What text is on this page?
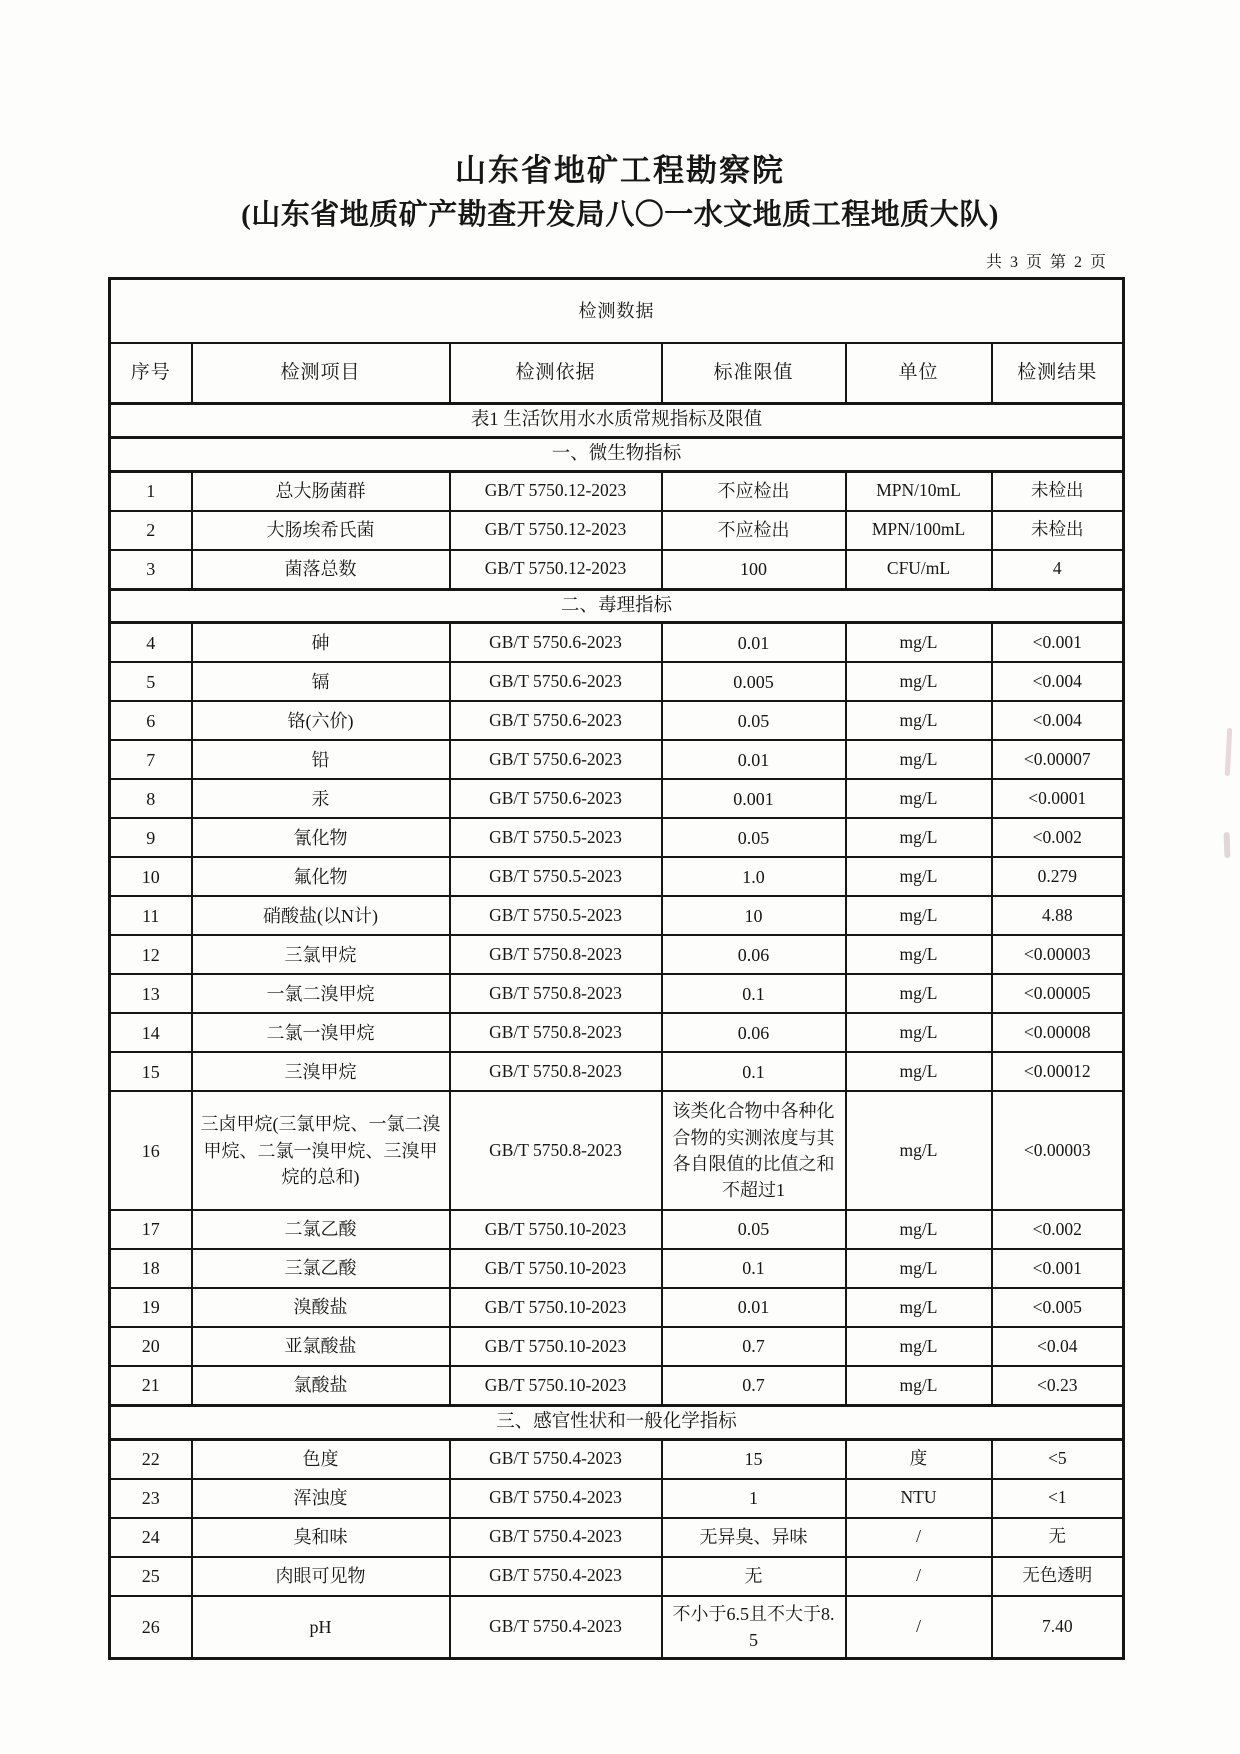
山东省地矿工程勘察院
(山东省地质矿产勘查开发局八〇一水文地质工程地质大队)
共 3 页 第 2 页
检测数据					
序号	检测项目	检测依据	标准限值	单位	检测结果
表1 生活饮用水水质常规指标及限值					
一、微生物指标					
1	总大肠菌群	GB/T 5750.12-2023	不应检出	MPN/10mL	未检出
2	大肠埃希氏菌	GB/T 5750.12-2023	不应检出	MPN/100mL	未检出
3	菌落总数	GB/T 5750.12-2023	100	CFU/mL	4
二、毒理指标					
4	砷	GB/T 5750.6-2023	0.01	mg/L	<0.001
5	镉	GB/T 5750.6-2023	0.005	mg/L	<0.004
6	铬(六价)	GB/T 5750.6-2023	0.05	mg/L	<0.004
7	铅	GB/T 5750.6-2023	0.01	mg/L	<0.00007
8	汞	GB/T 5750.6-2023	0.001	mg/L	<0.0001
9	氰化物	GB/T 5750.5-2023	0.05	mg/L	<0.002
10	氟化物	GB/T 5750.5-2023	1.0	mg/L	0.279
11	硝酸盐(以N计)	GB/T 5750.5-2023	10	mg/L	4.88
12	三氯甲烷	GB/T 5750.8-2023	0.06	mg/L	<0.00003
13	一氯二溴甲烷	GB/T 5750.8-2023	0.1	mg/L	<0.00005
14	二氯一溴甲烷	GB/T 5750.8-2023	0.06	mg/L	<0.00008
15	三溴甲烷	GB/T 5750.8-2023	0.1	mg/L	<0.00012
16	三卤甲烷(三氯甲烷、一氯二溴甲烷、二氯一溴甲烷、三溴甲烷的总和)	GB/T 5750.8-2023	该类化合物中各种化合物的实测浓度与其各自限值的比值之和不超过1	mg/L	<0.00003
17	二氯乙酸	GB/T 5750.10-2023	0.05	mg/L	<0.002
18	三氯乙酸	GB/T 5750.10-2023	0.1	mg/L	<0.001
19	溴酸盐	GB/T 5750.10-2023	0.01	mg/L	<0.005
20	亚氯酸盐	GB/T 5750.10-2023	0.7	mg/L	<0.04
21	氯酸盐	GB/T 5750.10-2023	0.7	mg/L	<0.23
三、感官性状和一般化学指标					
22	色度	GB/T 5750.4-2023	15	度	<5
23	浑浊度	GB/T 5750.4-2023	1	NTU	<1
24	臭和味	GB/T 5750.4-2023	无异臭、异味	/	无
25	肉眼可见物	GB/T 5750.4-2023	无	/	无色透明
26	pH	GB/T 5750.4-2023	不小于6.5且不大于8.5	/	7.40
